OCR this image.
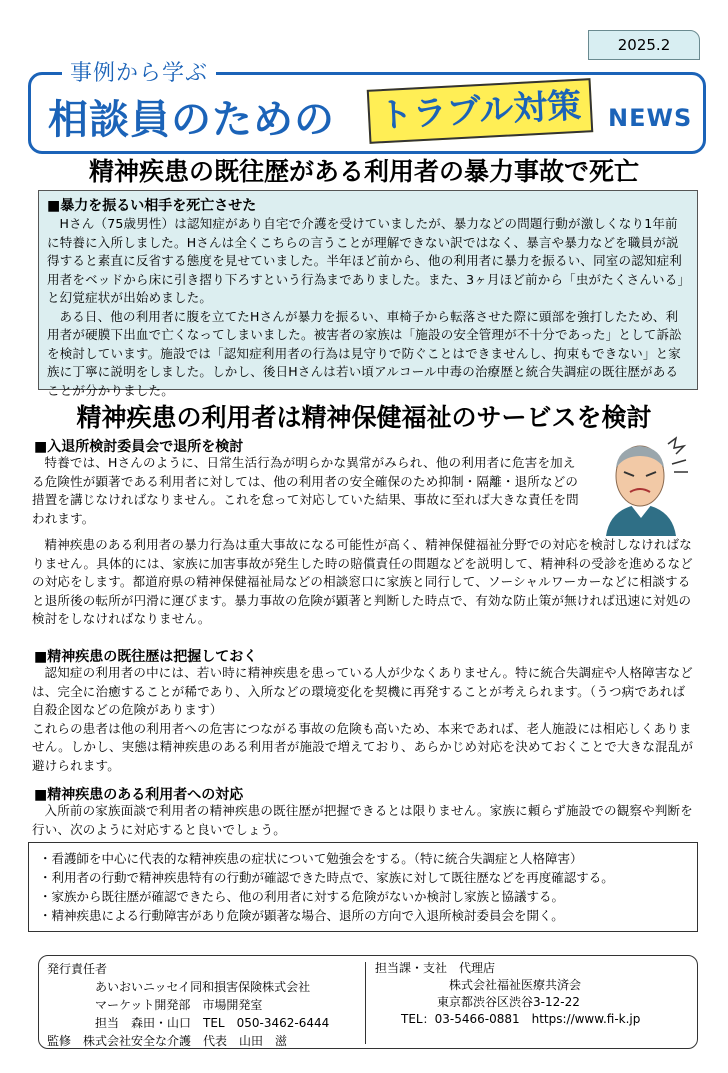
2025.2
事例から学ぶ
相談員のための	トラブル対策	NEWS
精神疾患の既往歴がある利用者の暴力事故で死亡
■暴力を振るい相手を死亡させた

Hさん（75歳男性）は認知症があり自宅で介護を受けていましたが、暴力などの問題行動が激しくなり1年前に特養に入所しました。Hさんは全くこちらの言うことが理解できない訳ではなく、暴言や暴力などを職員が説得すると素直に反省する態度を見せていました。半年ほど前から、他の利用者に暴力を振るい、同室の認知症利用者をベッドから床に引き摺り下ろすという行為までありました。また、3ヶ月ほど前から「虫がたくさんいる」と幻覚症状が出始めました。

ある日、他の利用者に腹を立てたHさんが暴力を振るい、車椅子から転落させた際に頭部を強打したため、利用者が硬膜下出血で亡くなってしまいました。被害者の家族は「施設の安全管理が不十分であった」として訴訟を検討しています。施設では「認知症利用者の行為は見守りで防ぐことはできませんし、拘束もできない」と家族に丁寧に説明をしました。しかし、後日Hさんは若い頃アルコール中毒の治療歴と統合失調症の既往歴があることが分かりました。

精神疾患の利用者は精神保健福祉のサービスを検討
■入退所検討委員会で退所を検討

特養では、Hさんのように、日常生活行為が明らかな異常がみられ、他の利用者に危害を加える危険性が顕著である利用者に対しては、他の利用者の安全確保のため抑制・隔離・退所などの措置を講じなければなりません。これを怠って対応していた結果、事故に至れば大きな責任を問われます。

精神疾患のある利用者の暴力行為は重大事故になる可能性が高く、精神保健福祉分野での対応を検討しなければなりません。具体的には、家族に加害事故が発生した時の賠償責任の問題などを説明して、精神科の受診を進めるなどの対応をします。都道府県の精神保健福祉局などの相談窓口に家族と同行して、ソーシャルワーカーなどに相談すると退所後の転所が円滑に運びます。暴力事故の危険が顕著と判断した時点で、有効な防止策が無ければ迅速に対処の検討をしなければなりません。

■精神疾患の既往歴は把握しておく

認知症の利用者の中には、若い時に精神疾患を患っている人が少なくありません。特に統合失調症や人格障害などは、完全に治癒することが稀であり、入所などの環境変化を契機に再発することが考えられます。（うつ病であれば自殺企図などの危険があります）

これらの患者は他の利用者への危害につながる事故の危険も高いため、本来であれば、老人施設には相応しくありません。しかし、実態は精神疾患のある利用者が施設で増えており、あらかじめ対応を決めておくことで大きな混乱が避けられます。

■精神疾患のある利用者への対応

入所前の家族面談で利用者の精神疾患の既往歴が把握できるとは限りません。家族に頼らず施設での観察や判断を行い、次のように対応すると良いでしょう。

・看護師を中心に代表的な精神疾患の症状について勉強会をする。（特に統合失調症と人格障害）
・利用者の行動で精神疾患特有の行動が確認できた時点で、家族に対して既往歴などを再度確認する。
・家族から既往歴が確認できたら、他の利用者に対する危険がないか検討し家族と協議する。
・精神疾患による行動障害があり危険が顕著な場合、退所の方向で入退所検討委員会を開く。
発行責任者
あいおいニッセイ同和損害保険株式会社
マーケット開発部　市場開発室
担当　森田・山口　TEL　050-3462-6444
監修　株式会社安全な介護　代表　山田　滋
担当課・支社　代理店
株式会社福祉医療共済会
東京都渋谷区渋谷3-12-22
TEL：03-5466-0881　https://www.fi-k.jp
